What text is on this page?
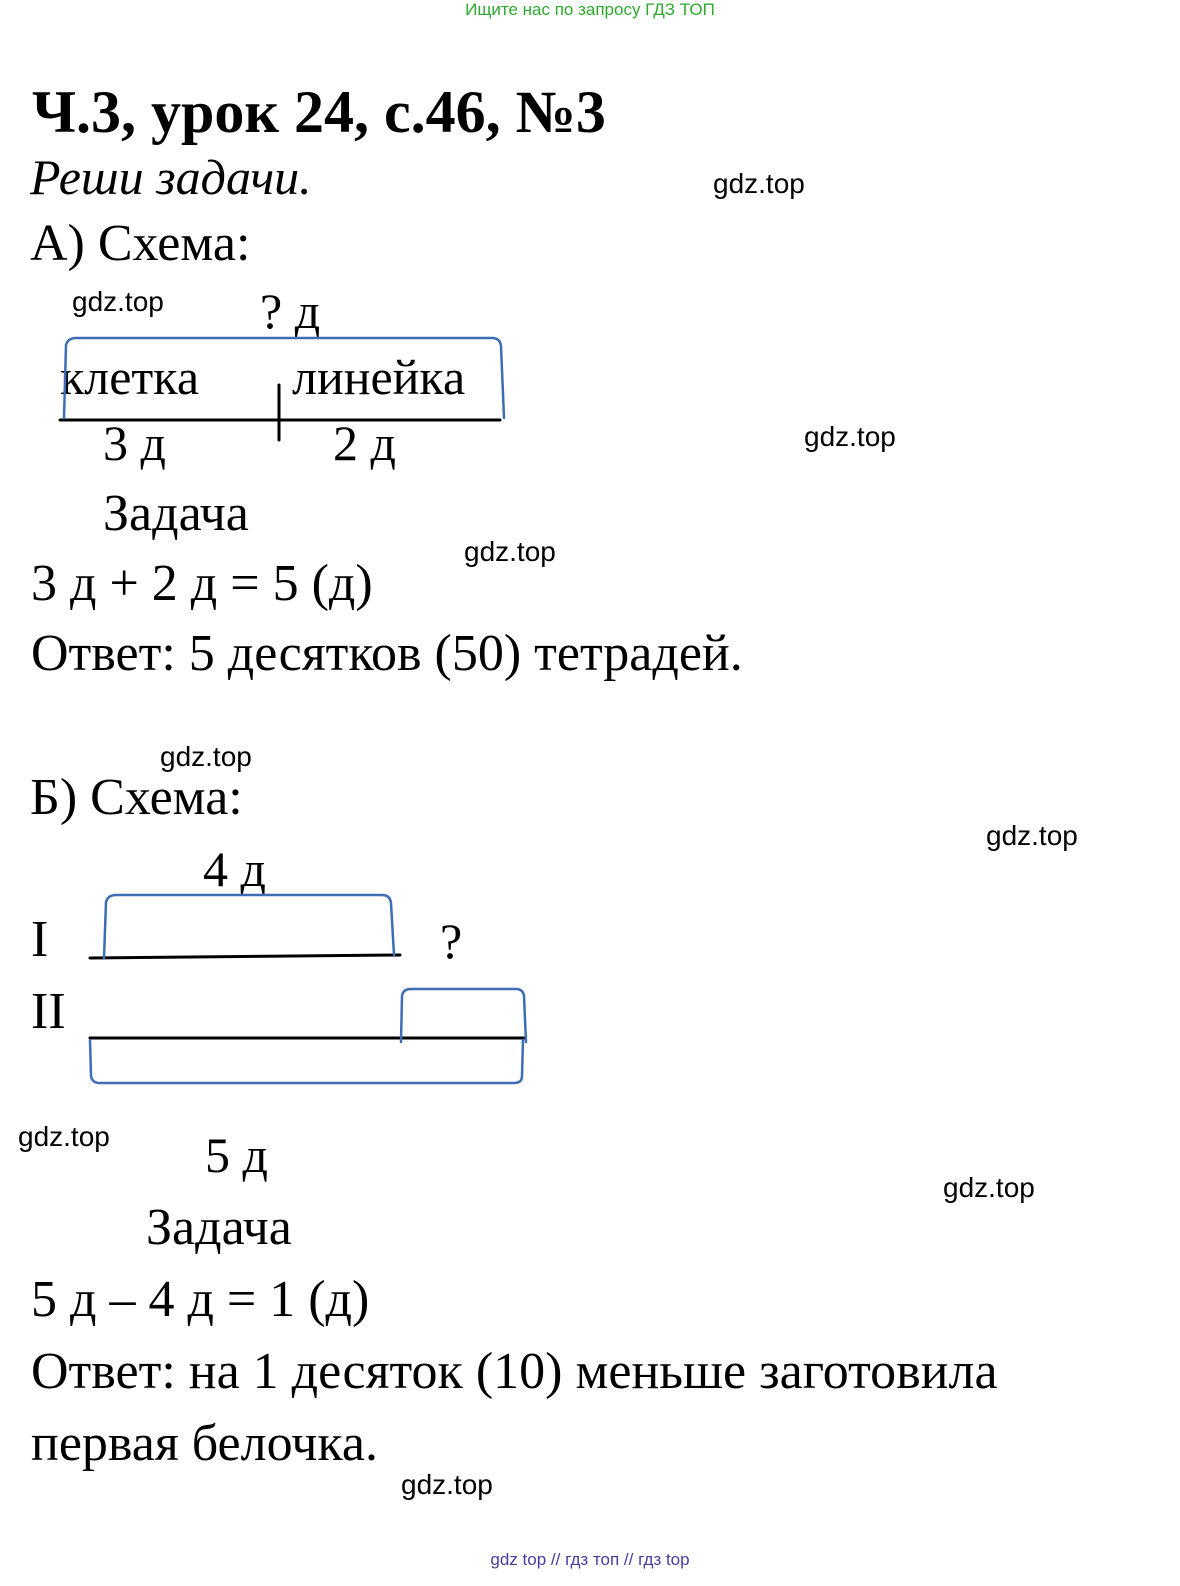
Ищите нас по запросу ГДЗ ТОП
Ч.3, урок 24, с.46, №3
Реши задачи.	gdz.top
gdz.top
gdz.top
gdz.top
gdz.top
gdz.top
gdz.top
gdz.top
gdz.top
А) Схема:
? д
клетка линейка
3 д	2 д
Задача
3 д + 2 д = 5 (д)
Ответ: 5 десятков (50) тетрадей.
Б) Схема:
4 д
I	?
II
5 д
Задача
5 д – 4 д = 1 (д)
Ответ: на 1 десяток (10) меньше заготовила
первая белочка.
gdz top // гдз топ // гдз top
